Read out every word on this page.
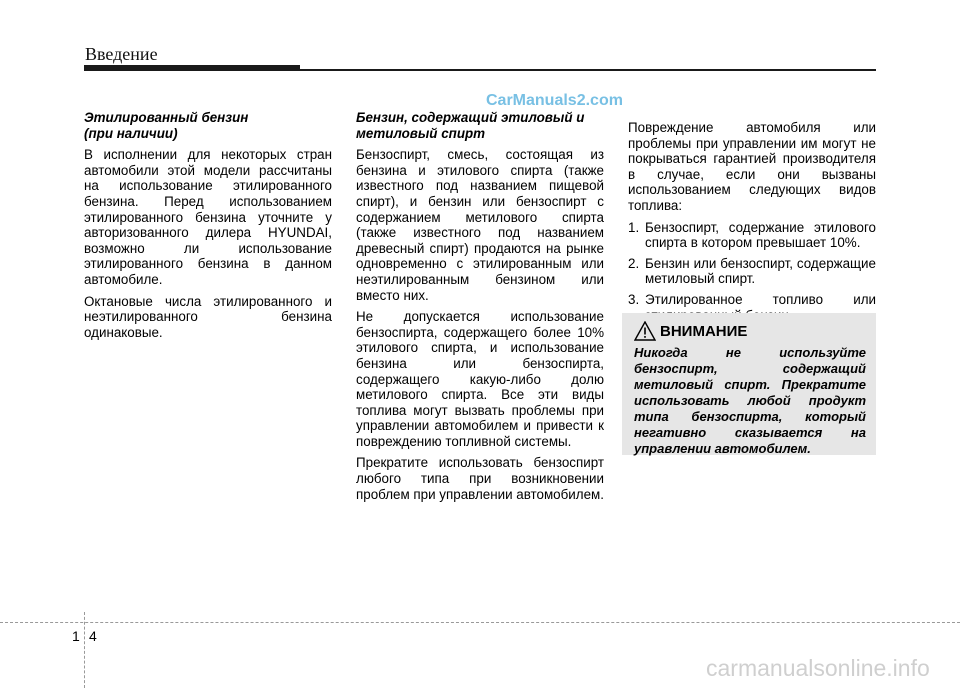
Введение
CarManuals2.com
Этилированный бензин
(при наличии)

В исполнении для некоторых стран автомобили этой модели рассчитаны на использование этилированного бензина. Перед использованием этилированного бензина уточните у авторизованного дилера HYUNDAI, возможно ли использование этилированного бензина в данном автомобиле.

Октановые числа этилированного и неэтилированного бензина одинаковые.

Бензин, содержащий этиловый и
метиловый спирт

Бензоспирт, смесь, состоящая из бензина и этилового спирта (также известного под названием пищевой спирт), и бензин или бензоспирт с содержанием метилового спирта (также известного под названием древесный спирт) продаются на рынке одновременно с этилированным или неэтилированным бензином или вместо них.

Не допускается использование бензоспирта, содержащего более 10% этилового спирта, и использование бензина или бензоспирта, содержащего какую-либо долю метилового спирта. Все эти виды топлива могут вызвать проблемы при управлении автомобилем и привести к повреждению топливной системы.

Прекратите использовать бензоспирт любого типа при возникновении проблем при управлении автомобилем.

Повреждение автомобиля или проблемы при управлении им могут не покрываться гарантией производителя в случае, если они вызваны использованием следующих видов топлива:

1. Бензоспирт, содержание этилового спирта в котором превышает 10%.
2. Бензин или бензоспирт, содержащие метиловый спирт.
3. Этилированное топливо или
ВНИМАНИЕ
Никогда не используйте бензоспирт, содержащий метиловый спирт. Прекратите использовать любой продукт типа бензоспирта, который негативно сказывается на управлении автомобилем.
1 4
carmanualsonline.info
